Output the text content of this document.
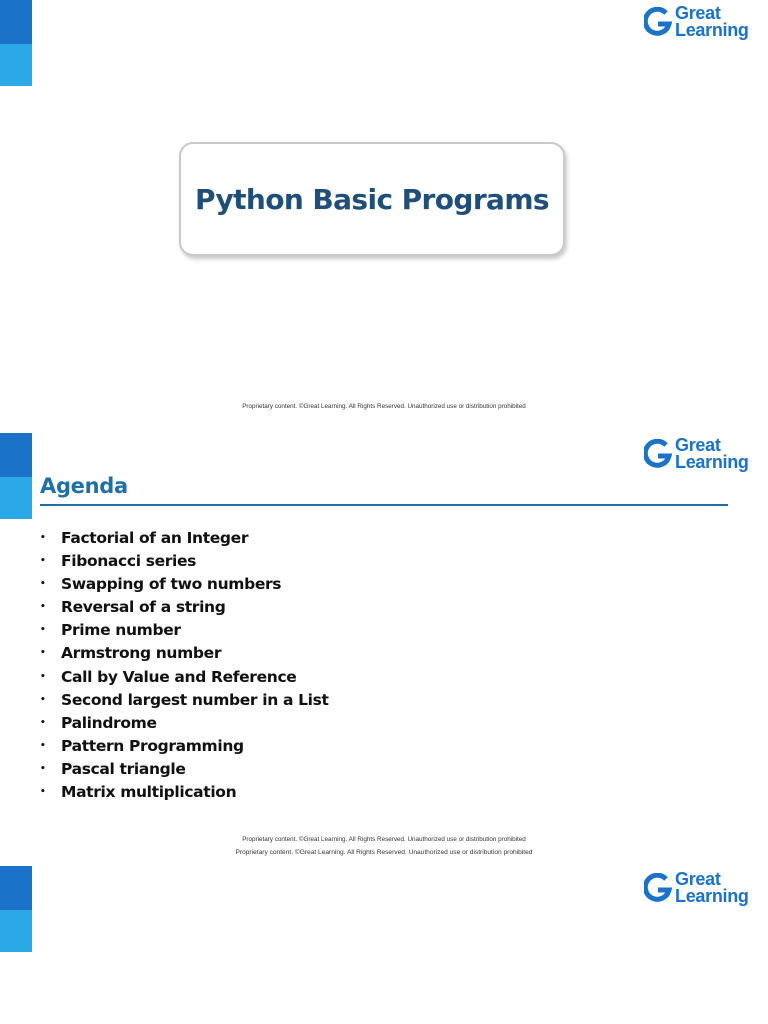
Great
Learning
Python Basic Programs
Proprietary content. ©Great Learning. All Rights Reserved. Unauthorized use or distribution prohibited
Great
Learning
Agenda
• Factorial of an Integer
• Fibonacci series
• Swapping of two numbers
• Reversal of a string
• Prime number
• Armstrong number
• Call by Value and Reference
• Second largest number in a List
• Palindrome
• Pattern Programming
• Pascal triangle
• Matrix multiplication
Proprietary content. ©Great Learning. All Rights Reserved. Unauthorized use or distribution prohibited
Proprietary content. ©Great Learning. All Rights Reserved. Unauthorized use or distribution prohibited
Great
Learning
